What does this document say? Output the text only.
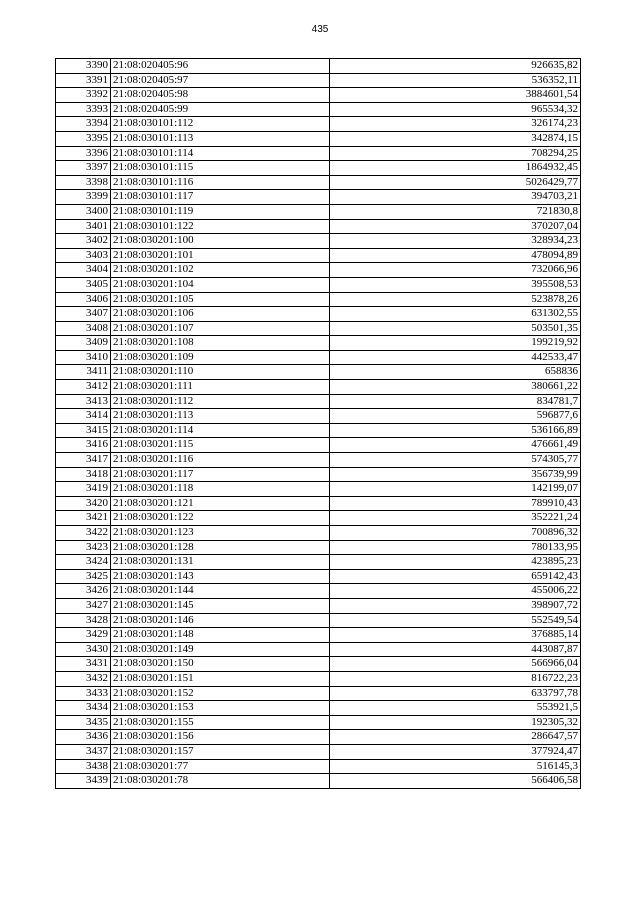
435
3390	21:08:020405:96	926635,82
3391	21:08:020405:97	536352,11
3392	21:08:020405:98	3884601,54
3393	21:08:020405:99	965534,32
3394	21:08:030101:112	326174,23
3395	21:08:030101:113	342874,15
3396	21:08:030101:114	708294,25
3397	21:08:030101:115	1864932,45
3398	21:08:030101:116	5026429,77
3399	21:08:030101:117	394703,21
3400	21:08:030101:119	721830,8
3401	21:08:030101:122	370207,04
3402	21:08:030201:100	328934,23
3403	21:08:030201:101	478094,89
3404	21:08:030201:102	732066,96
3405	21:08:030201:104	395508,53
3406	21:08:030201:105	523878,26
3407	21:08:030201:106	631302,55
3408	21:08:030201:107	503501,35
3409	21:08:030201:108	199219,92
3410	21:08:030201:109	442533,47
3411	21:08:030201:110	658836
3412	21:08:030201:111	380661,22
3413	21:08:030201:112	834781,7
3414	21:08:030201:113	596877,6
3415	21:08:030201:114	536166,89
3416	21:08:030201:115	476661,49
3417	21:08:030201:116	574305,77
3418	21:08:030201:117	356739,99
3419	21:08:030201:118	142199,07
3420	21:08:030201:121	789910,43
3421	21:08:030201:122	352221,24
3422	21:08:030201:123	700896,32
3423	21:08:030201:128	780133,95
3424	21:08:030201:131	423895,23
3425	21:08:030201:143	659142,43
3426	21:08:030201:144	455006,22
3427	21:08:030201:145	398907,72
3428	21:08:030201:146	552549,54
3429	21:08:030201:148	376885,14
3430	21:08:030201:149	443087,87
3431	21:08:030201:150	566966,04
3432	21:08:030201:151	816722,23
3433	21:08:030201:152	633797,78
3434	21:08:030201:153	553921,5
3435	21:08:030201:155	192305,32
3436	21:08:030201:156	286647,57
3437	21:08:030201:157	377924,47
3438	21:08:030201:77	516145,3
3439	21:08:030201:78	566406,58
